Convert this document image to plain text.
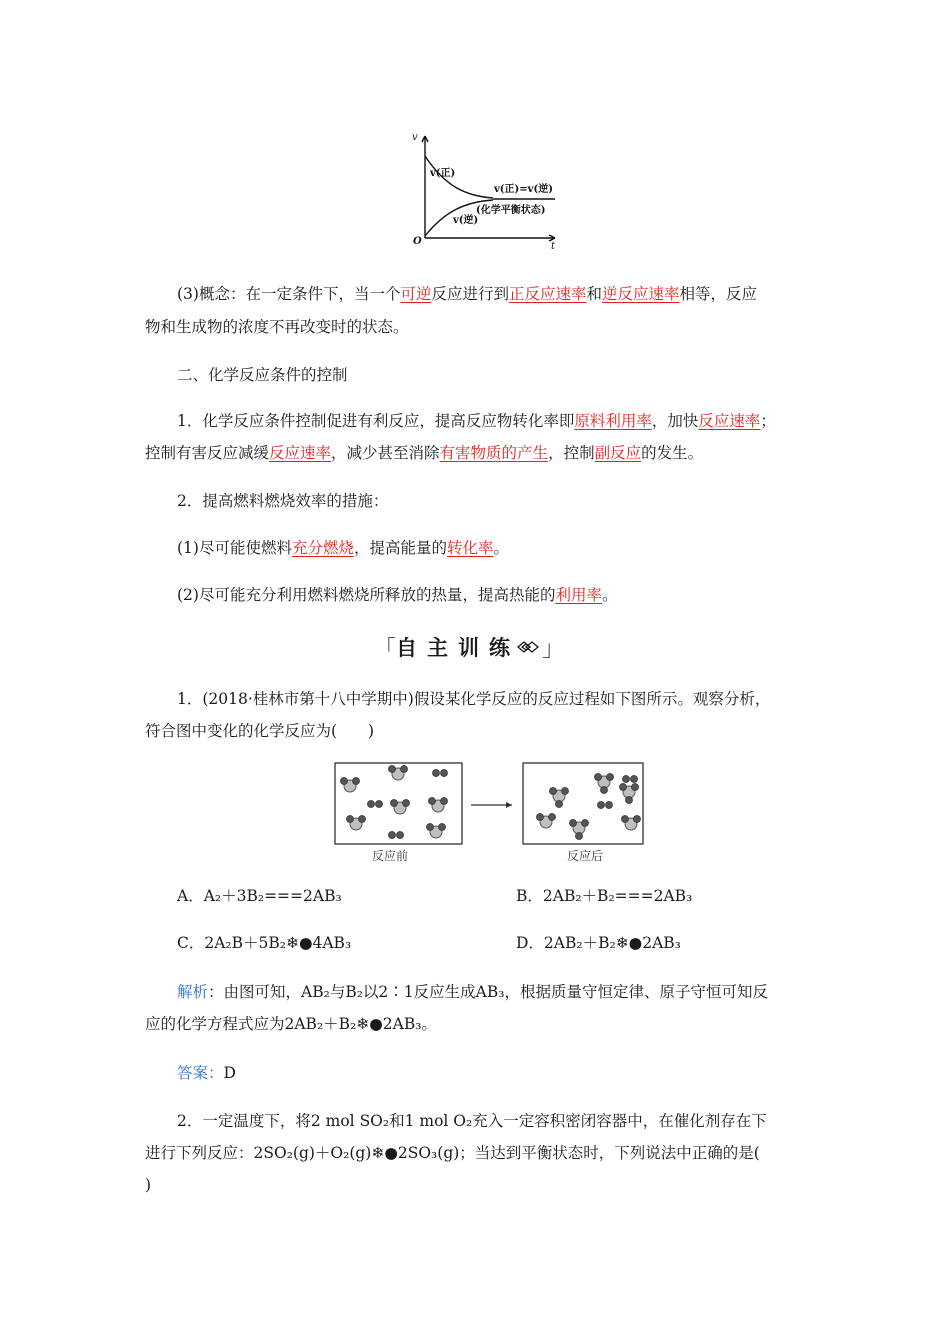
v
t
O
v(正)
v(正)=v(逆)
v(逆)
(化学平衡状态)
(3)概念：在一定条件下，当一个可逆反应进行到正反应速率和逆反应速率相等，反应
物和生成物的浓度不再改变时的状态。
二、化学反应条件的控制
1．化学反应条件控制促进有利反应，提高反应物转化率即原料利用率，加快反应速率；
控制有害反应减缓反应速率，减少甚至消除有害物质的产生，控制副反应的发生。
2．提高燃料燃烧效率的措施：
(1)尽可能使燃料充分燃烧，提高能量的转化率。
(2)尽可能充分利用燃料燃烧所释放的热量，提高热能的利用率。
「 自主训练 」
1．(2018·桂林市第十八中学期中)假设某化学反应的反应过程如下图所示。观察分析，
符合图中变化的化学反应为(　　)
反应前	反应后
A．A₂＋3B₂===2AB₃	B．2AB₂＋B₂===2AB₃
C．2A₂B＋5B₂❄●4AB₃	D．2AB₂＋B₂❄●2AB₃
解析：由图可知，AB₂与B₂以2∶1反应生成AB₃，根据质量守恒定律、原子守恒可知反
应的化学方程式应为2AB₂＋B₂❄●2AB₃。
答案：D
2．一定温度下，将2 mol SO₂和1 mol O₂充入一定容积密闭容器中，在催化剂存在下
进行下列反应：2SO₂(g)＋O₂(g)❄●2SO₃(g)；当达到平衡状态时，下列说法中正确的是(
)
